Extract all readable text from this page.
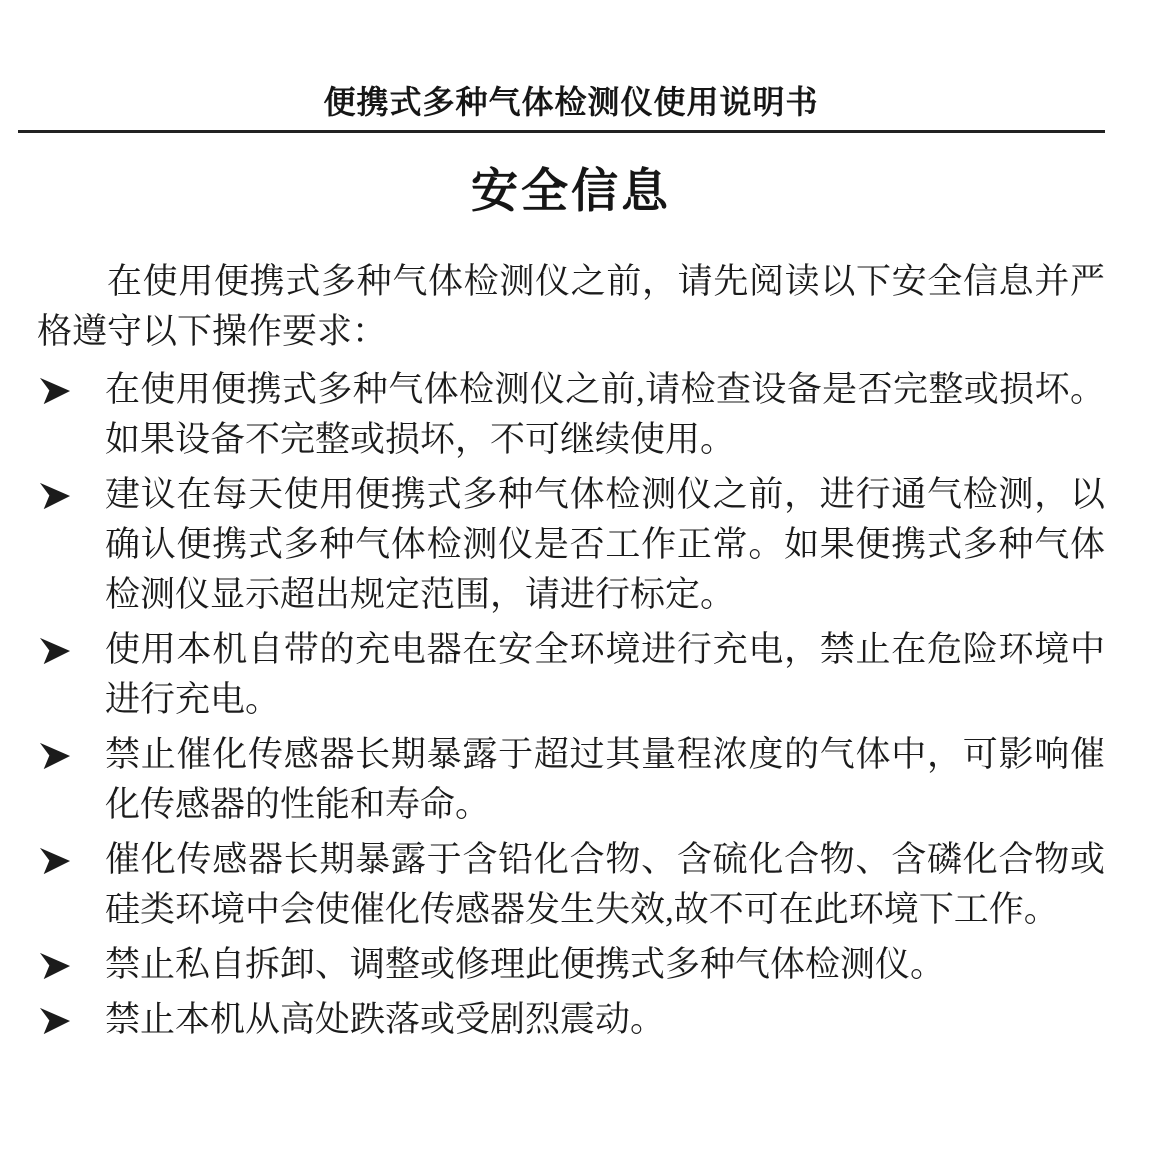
便携式多种气体检测仪使用说明书
安全信息

在使用便携式多种气体检测仪之前，请先阅读以下安全信息并严格遵守以下操作要求：

在使用便携式多种气体检测仪之前,请检查设备是否完整或损坏。如果设备不完整或损坏，不可继续使用。
建议在每天使用便携式多种气体检测仪之前，进行通气检测，以确认便携式多种气体检测仪是否工作正常。如果便携式多种气体检测仪显示超出规定范围，请进行标定。
使用本机自带的充电器在安全环境进行充电，禁止在危险环境中进行充电。
禁止催化传感器长期暴露于超过其量程浓度的气体中，可影响催化传感器的性能和寿命。
催化传感器长期暴露于含铅化合物、含硫化合物、含磷化合物或硅类环境中会使催化传感器发生失效,故不可在此环境下工作。
禁止私自拆卸、调整或修理此便携式多种气体检测仪。
禁止本机从高处跌落或受剧烈震动。
